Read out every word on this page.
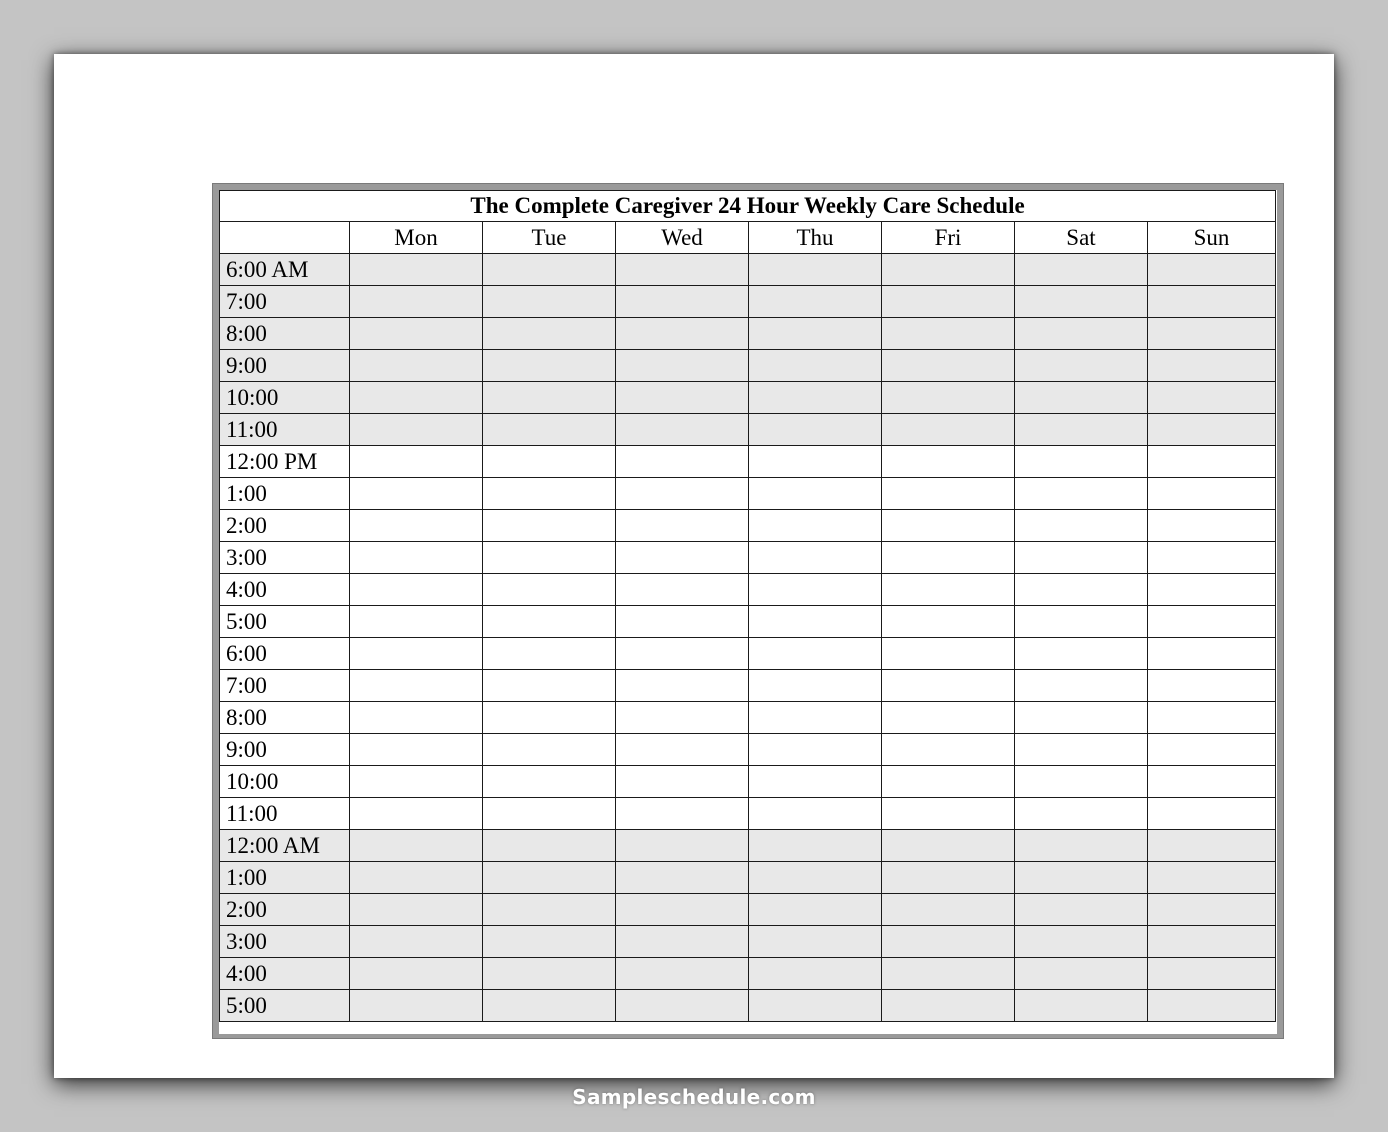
The Complete Caregiver 24 Hour Weekly Care Schedule							
	Mon	Tue	Wed	Thu	Fri	Sat	Sun
6:00 AM							
7:00							
8:00							
9:00							
10:00							
11:00							
12:00 PM							
1:00							
2:00							
3:00							
4:00							
5:00							
6:00							
7:00							
8:00							
9:00							
10:00							
11:00							
12:00 AM							
1:00							
2:00							
3:00							
4:00							
5:00							
Sampleschedule.com
